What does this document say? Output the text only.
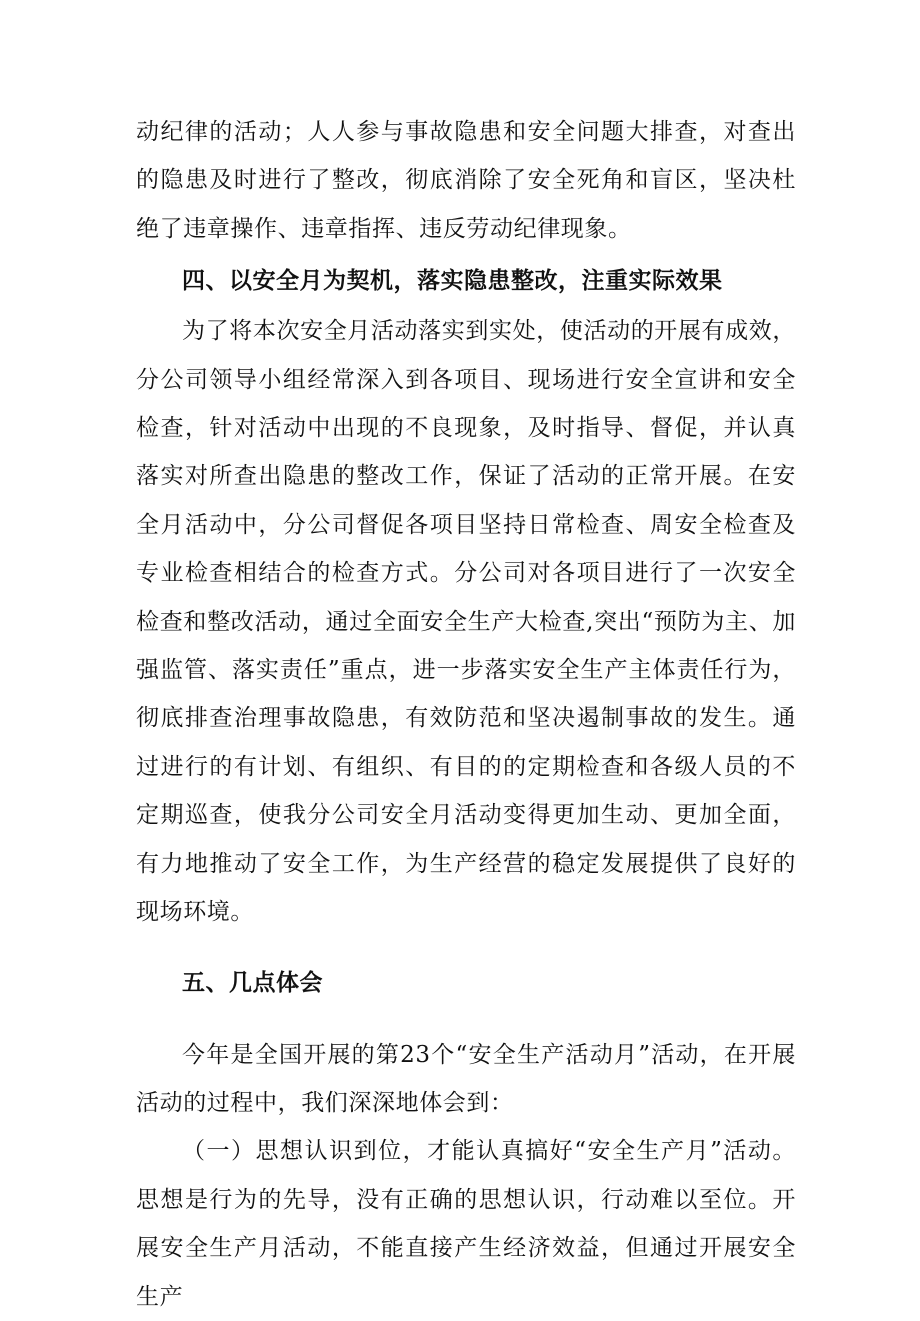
动纪律的活动；人人参与事故隐患和安全问题大排查，对查出的隐患及时进行了整改，彻底消除了安全死角和盲区，坚决杜绝了违章操作、违章指挥、违反劳动纪律现象。

四、以安全月为契机，落实隐患整改，注重实际效果

为了将本次安全月活动落实到实处，使活动的开展有成效，分公司领导小组经常深入到各项目、现场进行安全宣讲和安全检查，针对活动中出现的不良现象，及时指导、督促，并认真落实对所查出隐患的整改工作，保证了活动的正常开展。在安全月活动中，分公司督促各项目坚持日常检查、周安全检查及专业检查相结合的检查方式。分公司对各项目进行了一次安全检查和整改活动，通过全面安全生产大检查,突出“预防为主、加强监管、落实责任”重点，进一步落实安全生产主体责任行为，彻底排查治理事故隐患，有效防范和坚决遏制事故的发生。通过进行的有计划、有组织、有目的的定期检查和各级人员的不定期巡查，使我分公司安全月活动变得更加生动、更加全面，有力地推动了安全工作，为生产经营的稳定发展提供了良好的现场环境。

五、几点体会

今年是全国开展的第23个“安全生产活动月”活动，在开展活动的过程中，我们深深地体会到：

（一）思想认识到位，才能认真搞好“安全生产月”活动。思想是行为的先导，没有正确的思想认识，行动难以至位。开展安全生产月活动，不能直接产生经济效益，但通过开展安全生产
